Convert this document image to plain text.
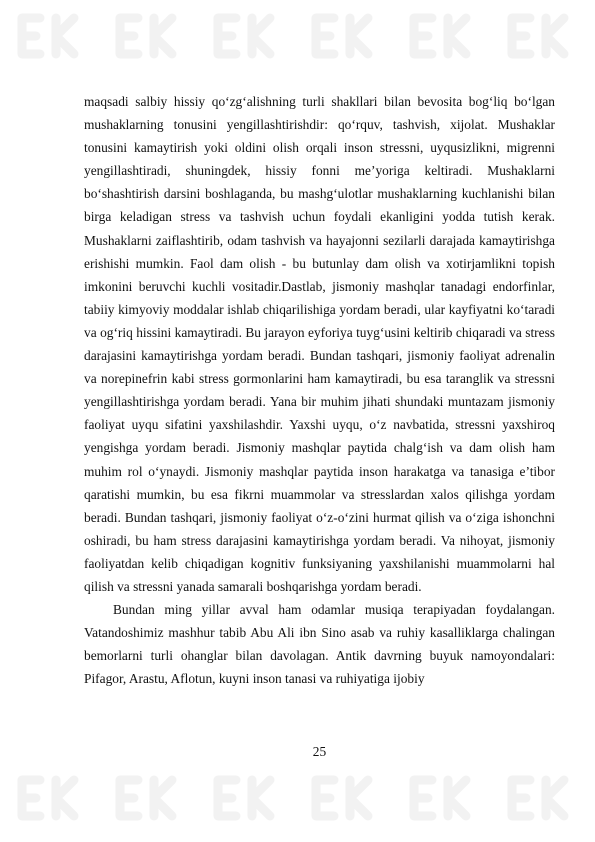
maqsadi salbiy hissiy qo‘zg‘alishning turli shakllari bilan bevosita bog‘liq bo‘lgan mushaklarning tonusini yengillashtirishdir: qo‘rquv, tashvish, xijolat. Mushaklar tonusini kamaytirish yoki oldini olish orqali inson stressni, uyqusizlikni, migrenni yengillashtiradi, shuningdek, hissiy fonni me’yoriga keltiradi. Mushaklarni bo‘shashtirish darsini boshlaganda, bu mashg‘ulotlar mushaklarning kuchlanishi bilan birga keladigan stress va tashvish uchun foydali ekanligini yodda tutish kerak. Mushaklarni zaiflashtirib, odam tashvish va hayajonni sezilarli darajada kamaytirishga erishishi mumkin. Faol dam olish - bu butunlay dam olish va xotirjamlikni topish imkonini beruvchi kuchli vositadir.Dastlab, jismoniy mashqlar tanadagi endorfinlar, tabiiy kimyoviy moddalar ishlab chiqarilishiga yordam beradi, ular kayfiyatni ko‘taradi va og‘riq hissini kamaytiradi. Bu jarayon eyforiya tuyg‘usini keltirib chiqaradi va stress darajasini kamaytirishga yordam beradi. Bundan tashqari, jismoniy faoliyat adrenalin va norepinefrin kabi stress gormonlarini ham kamaytiradi, bu esa taranglik va stressni yengillashtirishga yordam beradi. Yana bir muhim jihati shundaki muntazam jismoniy faoliyat uyqu sifatini yaxshilashdir. Yaxshi uyqu, o‘z navbatida, stressni yaxshiroq yengishga yordam beradi. Jismoniy mashqlar paytida chalg‘ish va dam olish ham muhim rol o‘ynaydi. Jismoniy mashqlar paytida inson harakatga va tanasiga e’tibor qaratishi mumkin, bu esa fikrni muammolar va stresslardan xalos qilishga yordam beradi. Bundan tashqari, jismoniy faoliyat o‘z-o‘zini hurmat qilish va o‘ziga ishonchni oshiradi, bu ham stress darajasini kamaytirishga yordam beradi. Va nihoyat, jismoniy faoliyatdan kelib chiqadigan kognitiv funksiyaning yaxshilanishi muammolarni hal qilish va stressni yanada samarali boshqarishga yordam beradi.

Bundan ming yillar avval ham odamlar musiqa terapiyadan foydalangan. Vatandoshimiz mashhur tabib Abu Ali ibn Sino asab va ruhiy kasalliklarga chalingan bemorlarni turli ohanglar bilan davolagan. Antik davrning buyuk namoyondalari: Pifagor, Arastu, Aflotun, kuyni inson tanasi va ruhiyatiga ijobiy

25
